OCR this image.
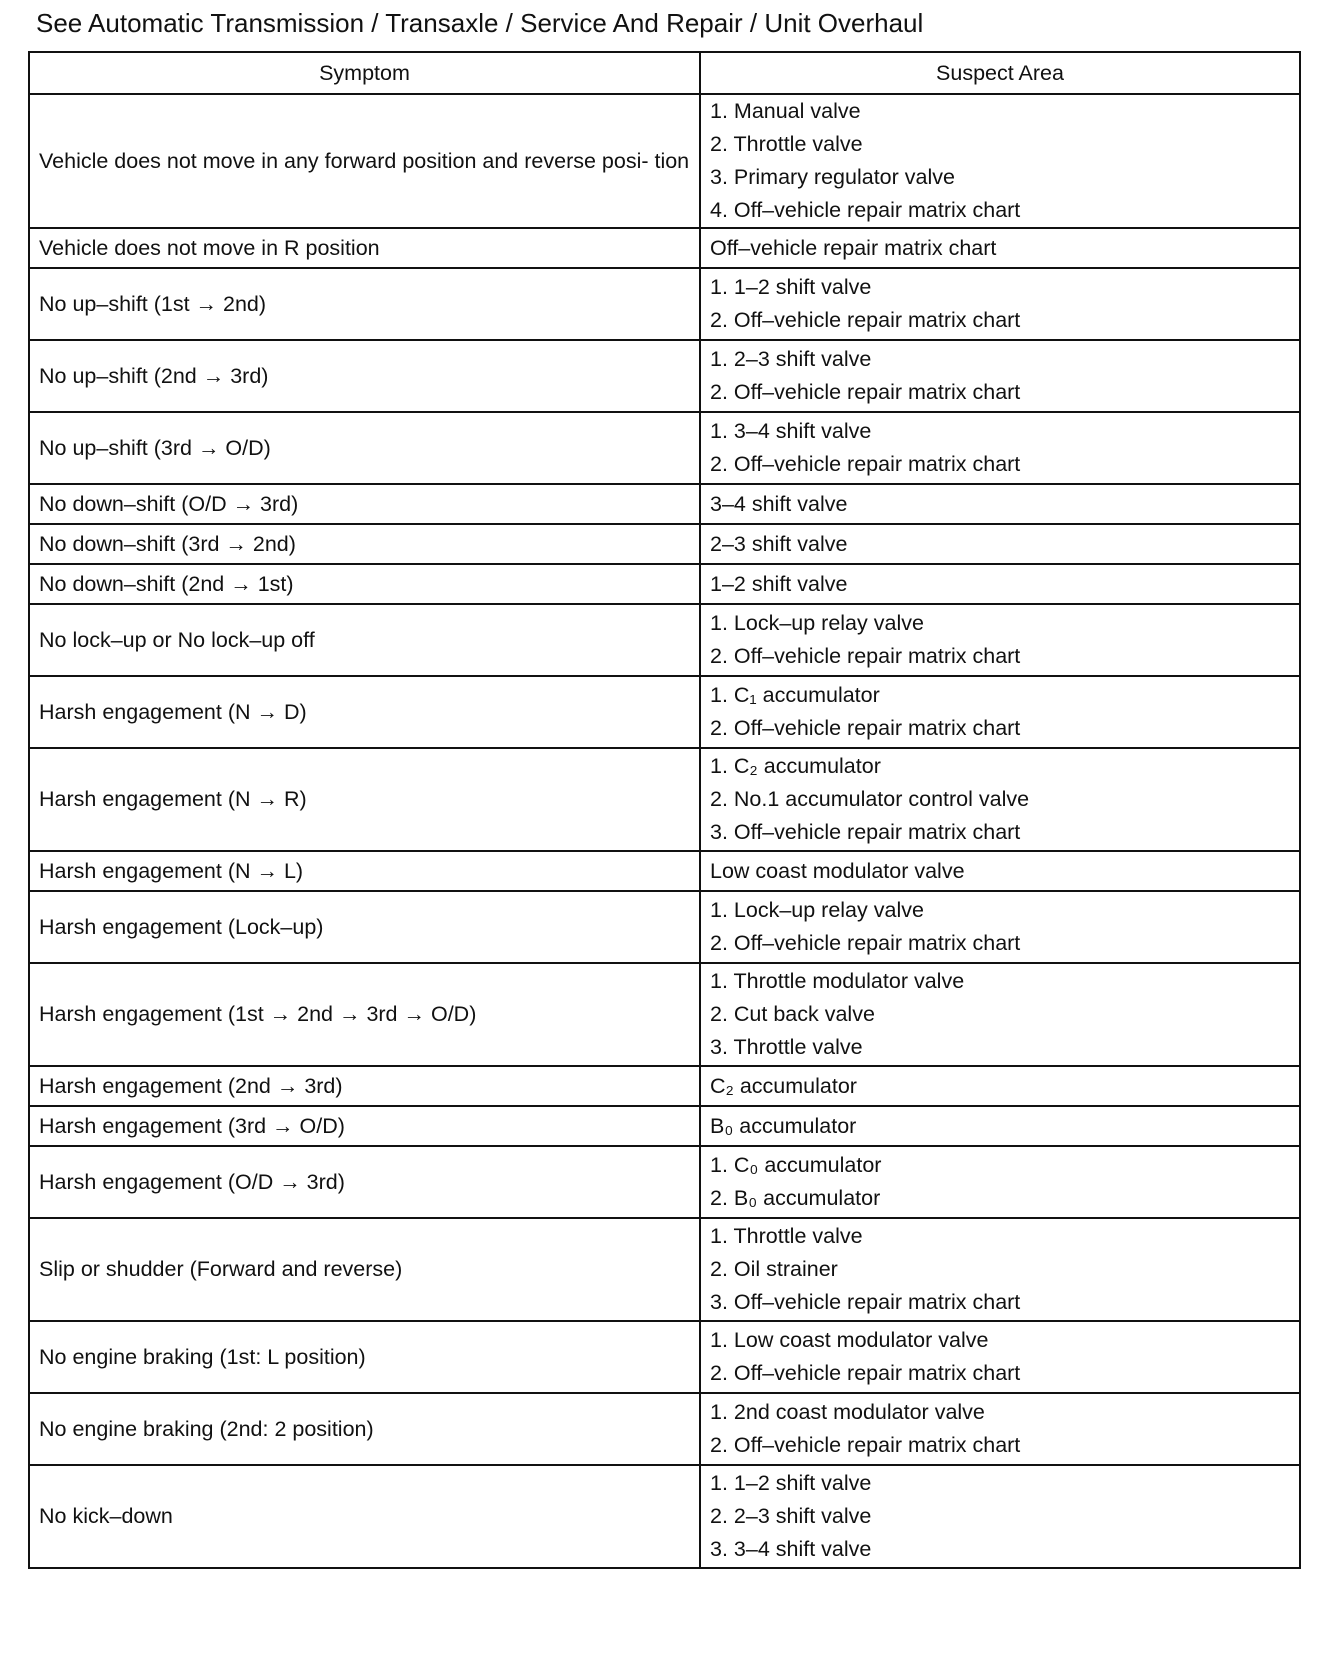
See Automatic Transmission / Transaxle / Service And Repair / Unit Overhaul
Symptom	Suspect Area

Vehicle does not move in any forward position and reverse posi- tion	1. Manual valve
2. Throttle valve
3. Primary regulator valve
4. Off–vehicle repair matrix chart

Vehicle does not move in R position	Off–vehicle repair matrix chart

No up–shift (1st → 2nd)	1. 1–2 shift valve
2. Off–vehicle repair matrix chart

No up–shift (2nd → 3rd)	1. 2–3 shift valve
2. Off–vehicle repair matrix chart

No up–shift (3rd → O/D)	1. 3–4 shift valve
2. Off–vehicle repair matrix chart

No down–shift (O/D → 3rd)	3–4 shift valve

No down–shift (3rd → 2nd)	2–3 shift valve

No down–shift (2nd → 1st)	1–2 shift valve

No lock–up or No lock–up off	1. Lock–up relay valve
2. Off–vehicle repair matrix chart

Harsh engagement (N → D)	1. C₁ accumulator
2. Off–vehicle repair matrix chart

Harsh engagement (N → R)	1. C₂ accumulator
2. No.1 accumulator control valve
3. Off–vehicle repair matrix chart

Harsh engagement (N → L)	Low coast modulator valve

Harsh engagement (Lock–up)	1. Lock–up relay valve
2. Off–vehicle repair matrix chart

Harsh engagement (1st → 2nd → 3rd → O/D)	1. Throttle modulator valve
2. Cut back valve
3. Throttle valve

Harsh engagement (2nd → 3rd)	C₂ accumulator

Harsh engagement (3rd → O/D)	B₀ accumulator

Harsh engagement (O/D → 3rd)	1. C₀ accumulator
2. B₀ accumulator

Slip or shudder (Forward and reverse)	1. Throttle valve
2. Oil strainer
3. Off–vehicle repair matrix chart

No engine braking (1st: L position)	1. Low coast modulator valve
2. Off–vehicle repair matrix chart

No engine braking (2nd: 2 position)	1. 2nd coast modulator valve
2. Off–vehicle repair matrix chart

No kick–down	1. 1–2 shift valve
2. 2–3 shift valve
3. 3–4 shift valve
